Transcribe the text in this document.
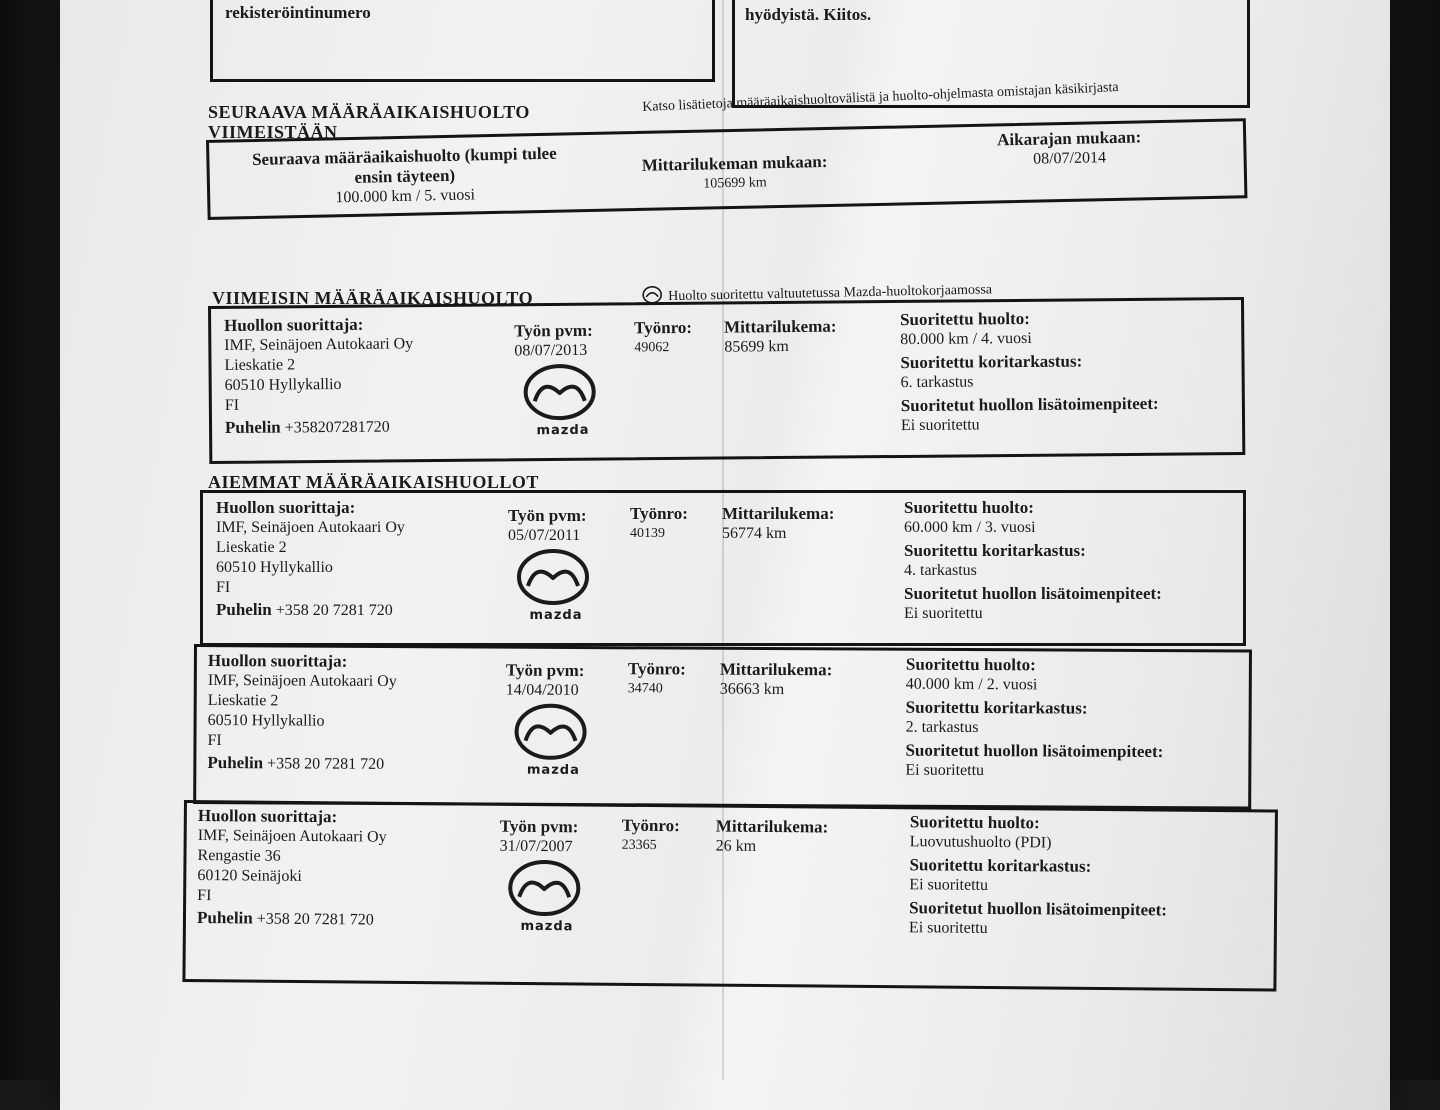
rekisteröintinumero	hyödyistä. Kiitos.
SEURAAVA MÄÄRÄAIKAISHUOLTO
VIIMEISTÄÄN
Katso lisätietoja määräaikaishuoltovälistä ja huolto-ohjelmasta omistajan käsikirjasta
Seuraava määräaikaishuolto (kumpi tulee
ensin täyteen)
100.000 km / 5. vuosi
Mittarilukeman mukaan:
105699 km
Aikarajan mukaan:
08/07/2014
VIIMEISIN MÄÄRÄAIKAISHUOLTO	Huolto suoritettu valtuutetussa Mazda-huoltokorjaamossa
AIEMMAT MÄÄRÄAIKAISHUOLLOT
Huollon suorittaja:
IMF, Seinäjoen Autokaari Oy
Lieskatie 2
60510 Hyllykallio
FI
Puhelin +358207281720
Työn pvm:
08/07/2013
mazda
Työnro:
49062
Mittarilukema:
85699 km
Suoritettu huolto:
80.000 km / 4. vuosi
Suoritettu koritarkastus:
6. tarkastus
Suoritetut huollon lisätoimenpiteet:
Ei suoritettu
Huollon suorittaja:
IMF, Seinäjoen Autokaari Oy
Lieskatie 2
60510 Hyllykallio
FI
Puhelin +358 20 7281 720
Työn pvm:
05/07/2011
mazda
Työnro:
40139
Mittarilukema:
56774 km
Suoritettu huolto:
60.000 km / 3. vuosi
Suoritettu koritarkastus:
4. tarkastus
Suoritetut huollon lisätoimenpiteet:
Ei suoritettu
Huollon suorittaja:
IMF, Seinäjoen Autokaari Oy
Lieskatie 2
60510 Hyllykallio
FI
Puhelin +358 20 7281 720
Työn pvm:
14/04/2010
mazda
Työnro:
34740
Mittarilukema:
36663 km
Suoritettu huolto:
40.000 km / 2. vuosi
Suoritettu koritarkastus:
2. tarkastus
Suoritetut huollon lisätoimenpiteet:
Ei suoritettu
Huollon suorittaja:
IMF, Seinäjoen Autokaari Oy
Rengastie 36
60120 Seinäjoki
FI
Puhelin +358 20 7281 720
Työn pvm:
31/07/2007
mazda
Työnro:
23365
Mittarilukema:
26 km
Suoritettu huolto:
Luovutushuolto (PDI)
Suoritettu koritarkastus:
Ei suoritettu
Suoritetut huollon lisätoimenpiteet:
Ei suoritettu
